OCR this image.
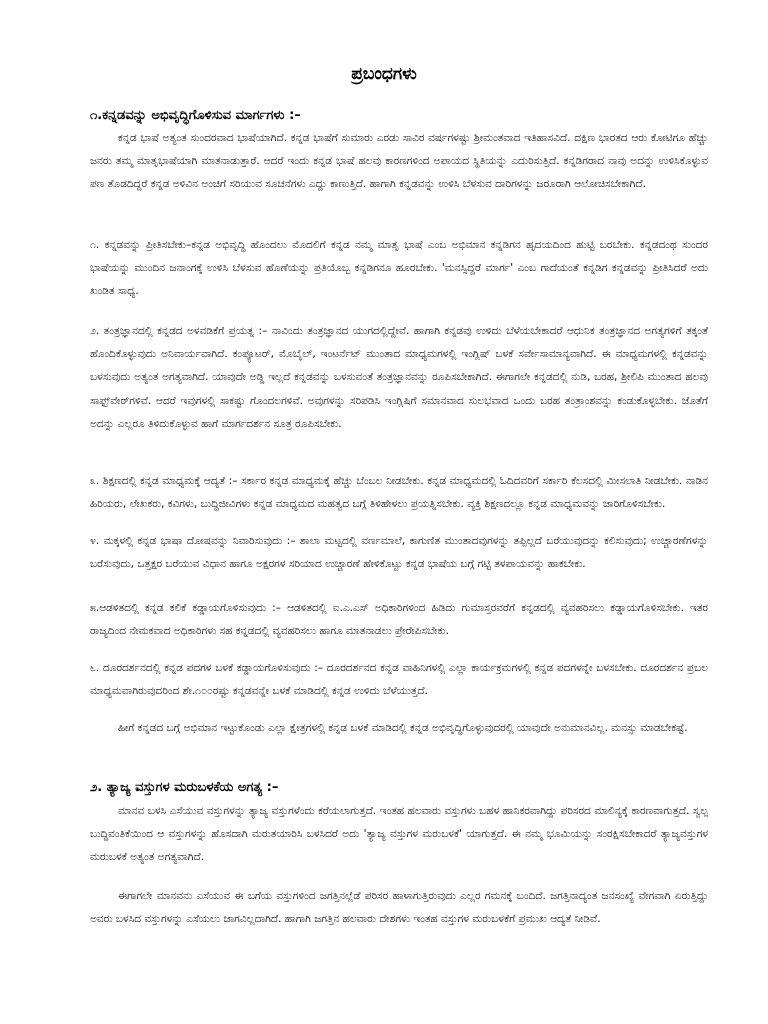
ಪ್ರಬಂಧಗಳು
೧.ಕನ್ನಡವನ್ನು ಅಭಿವೃದ್ಧಿಗೊಳಿಸುವ ಮಾರ್ಗಗಳು :–

ಕನ್ನಡ ಭಾಷೆ ಅತ್ಯಂತ ಸುಂದರವಾದ ಭಾಷೆಯಾಗಿದೆ. ಕನ್ನಡ ಭಾಷೆಗೆ ಸುಮಾರು ಎರಡು ಸಾವಿರ ವರ್ಷಗಳಷ್ಟು ಶ್ರೀಮಂತವಾದ ಇತಿಹಾಸವಿದೆ. ದಕ್ಷಿಣ ಭಾರತದ ಆರು ಕೋಟಿಗೂ ಹೆಚ್ಚು ಜನರು ತಮ್ಮ ಮಾತೃಭಾಷೆಯಾಗಿ ಮಾತನಾಡುತ್ತಾರೆ. ಆದರೆ ಇಂದು ಕನ್ನಡ ಭಾಷೆ ಹಲವು ಕಾರಣಗಳಿಂದ ಅಪಾಯದ ಸ್ಥಿತಿಯನ್ನು ಎದುರಿಸುತ್ತಿದೆ. ಕನ್ನಡಿಗರಾದ ನಾವು ಅದನ್ನು ಉಳಿಸಿಕೊಳ್ಳುವ ಪಣ ತೊಡದಿದ್ದರೆ ಕನ್ನಡ ಅಳಿವಿನ ಅಂಚಿಗೆ ಸರಿಯುವ ಸೂಚನೆಗಳು ಎದ್ದು ಕಾಣುತ್ತಿದೆ. ಹಾಗಾಗಿ ಕನ್ನಡವನ್ನು ಉಳಿಸಿ ಬೆಳಸುವ ದಾರಿಗಳನ್ನು ಜರೂರಾಗಿ ಆಲೋಚಿಸಬೇಕಾಗಿದೆ.

೧. ಕನ್ನಡವನ್ನು ಪ್ರೀತಿಸಬೇಕು–ಕನ್ನಡ ಅಭಿವೃದ್ಧಿ ಹೊಂದಲು ಮೊದಲಿಗೆ ಕನ್ನಡ ನಮ್ಮ ಮಾತೃ ಭಾಷೆ ಎಂಬ ಅಭಿಮಾನ ಕನ್ನಡಿಗನ ಹೃದಯದಿಂದ ಹುಟ್ಟಿ ಬರಬೇಕು. ಕನ್ನಡದಂಥ ಸುಂದರ ಭಾಷೆಯನ್ನು ಮುಂದಿನ ಜನಾಂಗಕ್ಕೆ ಉಳಿಸಿ ಬೆಳಸುವ ಹೊಣೆಯನ್ನು ಪ್ರತಿಯೊಬ್ಬ ಕನ್ನಡಿಗನೂ ಹೂರಬೇಕು. 'ಮನಸ್ಸಿದ್ದರೆ ಮಾರ್ಗ' ಎಂಬ ಗಾದೆಯಂತೆ ಕನ್ನಡಿಗ ಕನ್ನಡವನ್ನು ಪ್ರೀತಿಸಿದರೆ ಅದು ಖಂಡಿತ ಸಾಧ್ಯ.

೨. ತಂತ್ರಜ್ಞಾನದಲ್ಲಿ ಕನ್ನಡದ ಅಳವಡಿಕೆಗೆ ಪ್ರಯತ್ನ :– ನಾವಿಂದು ತಂತ್ರಜ್ಞಾನದ ಯುಗದಲ್ಲಿದ್ದೇವೆ. ಹಾಗಾಗಿ ಕನ್ನಡವು ಉಳಿದು ಬೆಳೆಯಬೇಕಾದರೆ ಆಧುನಿಕ ತಂತ್ರಜ್ಞಾನದ ಅಗತ್ಯಗಳಿಗೆ ತಕ್ಕಂತೆ ಹೊಂದಿಕೊಳ್ಳುವುದು ಅನಿವಾರ್ಯವಾಗಿದೆ. ಕಂಪ್ಯೂಟರ್, ಮೊಬೈಲ್, ಇಂಟರ್ನೆಟ್ ಮುಂತಾದ ಮಾಧ್ಯಮಗಳಲ್ಲಿ ಇಂಗ್ಲಿಷ್ ಬಳಕೆ ಸರ್ವೇಸಾಮಾನ್ಯವಾಗಿದೆ. ಈ ಮಾಧ್ಯಮಗಳಲ್ಲಿ ಕನ್ನಡವನ್ನು ಬಳಸುವುದು ಅತ್ಯಂತ ಅಗತ್ಯವಾಗಿದೆ. ಯಾವುದೇ ಅಡ್ಡಿ ಇಲ್ಲದೆ ಕನ್ನಡವನ್ನು ಬಳಸುವಂತೆ ತಂತ್ರಜ್ಞಾನವನ್ನು ರೂಪಿಸಬೇಕಾಗಿದೆ. ಈಗಾಗಲೇ ಕನ್ನಡದಲ್ಲಿ ನುಡಿ, ಬರಹ, ಶ್ರೀಲಿಪಿ ಮುಂತಾದ ಹಲವು ಸಾಫ್ಟ್‌ವೇರ್‌ಗಳಿವೆ. ಆದರೆ ಇವುಗಳಲ್ಲಿ ಸಾಕಷ್ಟು ಗೊಂದಲಗಳಿವೆ. ಅವುಗಳನ್ನು ಸರಿಪಡಿಸಿ ಇಂಗ್ಲಿಷಿಗೆ ಸಮಾನವಾದ ಸುಲಭವಾದ ಒಂದು ಬರಹ ತಂತ್ರಾಂಶವನ್ನು ಕಂಡುಕೊಳ್ಳಬೇಕು. ಜೊತೆಗೆ ಅದನ್ನು ಎಲ್ಲರೂ ತಿಳಿದುಕೊಳ್ಳುವ ಹಾಗೆ ಮಾರ್ಗದರ್ಶನ ಸೂತ್ರ ರೂಪಿಸಬೇಕು.

೩. ಶಿಕ್ಷಣದಲ್ಲಿ ಕನ್ನಡ ಮಾಧ್ಯಮಕ್ಕೆ ಆದ್ಯತೆ :– ಸರ್ಕಾರ ಕನ್ನಡ ಮಾಧ್ಯಮಕ್ಕೆ ಹೆಚ್ಚು ಬೆಂಬಲ ನೀಡಬೇಕು. ಕನ್ನಡ ಮಾಧ್ಯಮದಲ್ಲಿ ಓದಿದವರಿಗೆ ಸರ್ಕಾರಿ ಕೆಲಸದಲ್ಲಿ ಮೀಸಲಾತಿ ನೀಡಬೇಕು. ನಾಡಿನ ಹಿರಿಯರು, ಲೇಖಕರು, ಕವಿಗಳು, ಬುದ್ಧಿಜೀವಿಗಳು ಕನ್ನಡ ಮಾಧ್ಯಮದ ಮಹತ್ವದ ಬಗ್ಗೆ ತಿಳಿಹೇಳಲು ಪ್ರಯತ್ನಿಸಬೇಕು. ವ್ಯಕ್ತಿ ಶಿಕ್ಷಣದಲ್ಲೂ ಕನ್ನಡ ಮಾಧ್ಯಮವನ್ನು ಜಾರಿಗೊಳಿಸಬೇಕು.

೪. ಮಕ್ಕಳಲ್ಲಿ ಕನ್ನಡ ಭಾಷಾ ದೋಷವನ್ನು ನಿವಾರಿಸುವುದು :– ಶಾಲಾ ಮಟ್ಟದಲ್ಲಿ ವರ್ಣಮಾಲೆ, ಕಾಗುಣಿತ ಮುಂತಾದವುಗಳನ್ನು ತಪ್ಪಿಲ್ಲದೆ ಬರೆಯುವುದನ್ನು ಕಲಿಸುವುದು; ಉಚ್ಚಾರಣೆಗಳನ್ನು ಬರೆಸುವುದು, ಒತ್ತಕ್ಷರ ಬರೆಯುವ ವಿಧಾನ ಹಾಗೂ ಅಕ್ಷರಗಳ ಸರಿಯಾದ ಉಚ್ಚಾರಣೆ ಹೇಳಿಕೊಟ್ಟು ಕನ್ನಡ ಭಾಷೆಯ ಬಗ್ಗೆ ಗಟ್ಟಿ ತಳಪಾಯವನ್ನು ಹಾಕಬೇಕು.

೫.ಆಡಳಿತದಲ್ಲಿ ಕನ್ನಡ ಕಲಿಕೆ ಕಡ್ಡಾಯಗೊಳಿಸುವುದು :– ಆಡಳಿತದಲ್ಲಿ ಐ.ಎ.ಎಸ್ ಅಧಿಕಾರಿಗಳಿಂದ ಹಿಡಿದು ಗುಮಾಸ್ತರವರೆಗೆ ಕನ್ನಡದಲ್ಲಿ ವ್ಯವಹರಿಸಲು ಕಡ್ಡಾಯಗೊಳಿಸಬೇಕು. ಇತರ ರಾಜ್ಯದಿಂದ ನೇಮಕವಾದ ಅಧಿಕಾರಿಗಳು ಸಹ ಕನ್ನಡದಲ್ಲಿ ವ್ಯವಹರಿಸಲು ಹಾಗೂ ಮಾತನಾಡಲು ಪ್ರೇರೇಪಿಸಬೇಕು.

೬. ದೂರದರ್ಶನದಲ್ಲಿ ಕನ್ನಡ ಪದಗಳ ಬಳಕೆ ಕಡ್ಡಾಯಗೊಳಿಸುವುದು :– ದೂರದರ್ಶನದ ಕನ್ನಡ ವಾಹಿನಿಗಳಲ್ಲಿ ಎಲ್ಲಾ ಕಾರ್ಯಕ್ರಮಗಳಲ್ಲಿ ಕನ್ನಡ ಪದಗಳನ್ನೇ ಬಳಸಬೇಕು. ದೂರದರ್ಶನ ಪ್ರಬಲ ಮಾಧ್ಯಮವಾಗಿರುವುದರಿಂದ ಶೇ.೧೦೦ರಷ್ಟು ಕನ್ನಡವನ್ನೇ ಬಳಕೆ ಮಾಡಿದಲ್ಲಿ ಕನ್ನಡ ಉಳಿದು ಬೆಳೆಯುತ್ತದೆ.

ಹೀಗೆ ಕನ್ನಡದ ಬಗ್ಗೆ ಅಭಿಮಾನ ಇಟ್ಟುಕೊಂಡು ಎಲ್ಲಾ ಕ್ಷೇತ್ರಗಳಲ್ಲಿ ಕನ್ನಡ ಬಳಕೆ ಮಾಡಿದಲ್ಲಿ ಕನ್ನಡ ಅಭಿವೃದ್ಧಿಗೊಳ್ಳುವುದರಲ್ಲಿ ಯಾವುದೇ ಅನುಮಾನವಿಲ್ಲ. ಮನಸ್ಸು ಮಾಡಬೇಕಷ್ಟೆ.

೨. ತ್ಯಾಜ್ಯ ವಸ್ತುಗಳ ಮರುಬಳಕೆಯ ಅಗತ್ಯ :–

ಮಾನವ ಬಳಸಿ ಎಸೆಯುವ ವಸ್ತುಗಳನ್ನು ತ್ಯಾಜ್ಯ ವಸ್ತುಗಳೆಂದು ಕರೆಯಲಾಗುತ್ತದೆ. ಇಂತಹ ಹಲವಾರು ವಸ್ತುಗಳು ಬಹಳ ಹಾನಿಕರವಾಗಿದ್ದು ಪರಿಸರದ ಮಾಲಿನ್ಯಕ್ಕೆ ಕಾರಣವಾಗುತ್ತದೆ. ಸ್ವಲ್ಪ ಬುದ್ಧಿವಂತಿಕೆಯಿಂದ ಆ ವಸ್ತುಗಳನ್ನು ಹೊಸದಾಗಿ ಮರುತಯಾರಿಸಿ ಬಳಸಿದರೆ ಅದು 'ತ್ಯಾಜ್ಯ ವಸ್ತುಗಳ ಮರುಬಳಕೆ' ಯಾಗುತ್ತದೆ. ಈ ನಮ್ಮ ಭೂಮಿಯನ್ನು ಸಂರಕ್ಷಿಸಬೇಕಾದರೆ ತ್ಯಾಜ್ಯವಸ್ತುಗಳ ಮರುಬಳಕೆ ಅತ್ಯಂತ ಅಗತ್ಯವಾಗಿದೆ.

ಈಗಾಗಲೇ ಮಾನವನು ಎಸೆಯುವ ಈ ಬಗೆಯ ವಸ್ತುಗಳಿಂದ ಜಗತ್ತಿನಲ್ಲೆಡೆ ಪರಿಸರ ಹಾಳಾಗುತ್ತಿರುವುದು ಎಲ್ಲರ ಗಮನಕ್ಕೆ ಬಂದಿದೆ. ಜಗತ್ತಿನಾದ್ಯಂತ ಜನಸಂಖ್ಯೆ ವೇಗವಾಗಿ ಏರುತ್ತಿದ್ದು ಅವರು ಬಳಸಿದ ವಸ್ತುಗಳನ್ನು ಎಸೆಯಲು ಜಾಗವಿಲ್ಲದಾಗಿದೆ. ಹಾಗಾಗಿ ಜಗತ್ತಿನ ಹಲವಾರು ದೇಶಗಳು ಇಂತಹ ವಸ್ತುಗಳ ಮರುಬಳಕೆಗೆ ಪ್ರಮುಖ ಆದ್ಯತೆ ನೀಡಿವೆ.
